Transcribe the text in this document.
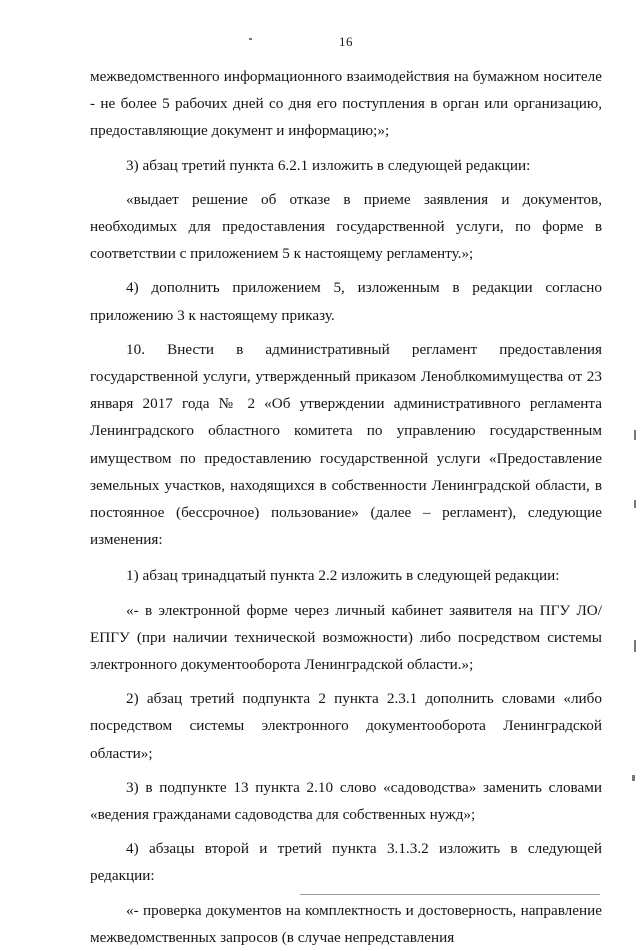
16

межведомственного информационного взаимодействия на бумажном носителе - не более 5 рабочих дней со дня его поступления в орган или организацию, предоставляющие документ и информацию;»;

3) абзац третий пункта 6.2.1 изложить в следующей редакции:

«выдает решение об отказе в приеме заявления и документов, необходимых для предоставления государственной услуги, по форме в соответствии с приложением 5 к настоящему регламенту.»;

4) дополнить приложением 5, изложенным в редакции согласно приложению 3 к настоящему приказу.

10. Внести в административный регламент предоставления государственной услуги, утвержденный приказом Леноблкомимущества от 23 января 2017 года № 2 «Об утверждении административного регламента Ленинградского областного комитета по управлению государственным имуществом по предоставлению государственной услуги «Предоставление земельных участков, находящихся в собственности Ленинградской области, в постоянное (бессрочное) пользование» (далее – регламент), следующие изменения:

1) абзац тринадцатый пункта 2.2 изложить в следующей редакции:

«- в электронной форме через личный кабинет заявителя на ПГУ ЛО/ЕПГУ (при наличии технической возможности) либо посредством системы электронного документооборота Ленинградской области.»;

2) абзац третий подпункта 2 пункта 2.3.1 дополнить словами «либо посредством системы электронного документооборота Ленинградской области»;

3) в подпункте 13 пункта 2.10 слово «садоводства» заменить словами «ведения гражданами садоводства для собственных нужд»;

4) абзацы второй и третий пункта 3.1.3.2 изложить в следующей редакции:

«- проверка документов на комплектность и достоверность, направление межведомственных запросов (в случае непредставления
